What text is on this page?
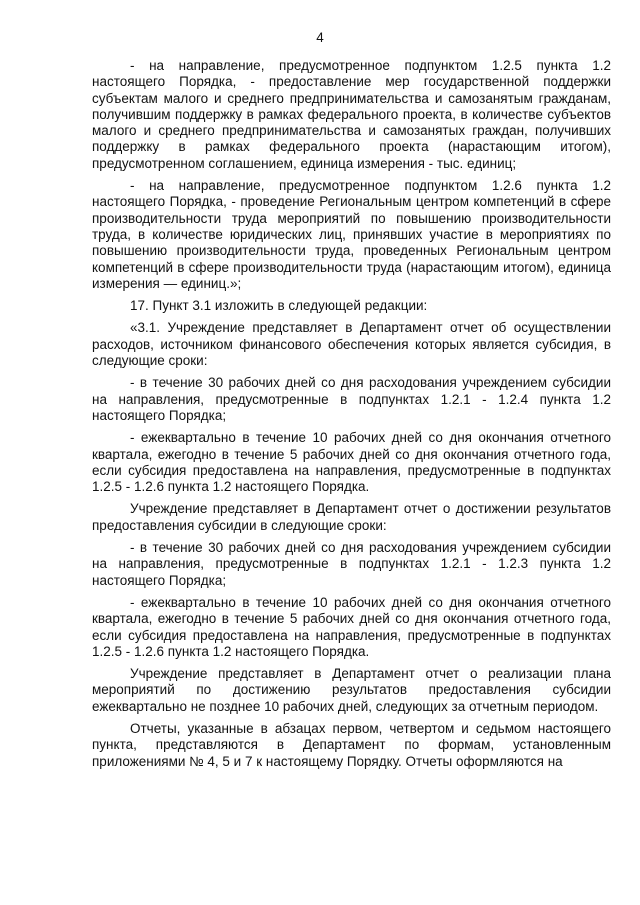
4

- на направление, предусмотренное подпунктом 1.2.5 пункта 1.2 настоящего Порядка, - предоставление мер государственной поддержки субъектам малого и среднего предпринимательства и самозанятым гражданам, получившим поддержку в рамках федерального проекта, в количестве субъектов малого и среднего предпринимательства и самозанятых граждан, получивших поддержку в рамках федерального проекта (нарастающим итогом), предусмотренном соглашением, единица измерения - тыс. единиц;

- на направление, предусмотренное подпунктом 1.2.6 пункта 1.2 настоящего Порядка, - проведение Региональным центром компетенций в сфере производительности труда мероприятий по повышению производительности труда, в количестве юридических лиц, принявших участие в мероприятиях по повышению производительности труда, проведенных Региональным центром компетенций в сфере производительности труда (нарастающим итогом), единица измерения — единиц.»;

17. Пункт 3.1 изложить в следующей редакции:

«3.1. Учреждение представляет в Департамент отчет об осуществлении расходов, источником финансового обеспечения которых является субсидия, в следующие сроки:

- в течение 30 рабочих дней со дня расходования учреждением субсидии на направления, предусмотренные в подпунктах 1.2.1 - 1.2.4 пункта 1.2 настоящего Порядка;

- ежеквартально в течение 10 рабочих дней со дня окончания отчетного квартала, ежегодно в течение 5 рабочих дней со дня окончания отчетного года, если субсидия предоставлена на направления, предусмотренные в подпунктах 1.2.5 - 1.2.6 пункта 1.2 настоящего Порядка.

Учреждение представляет в Департамент отчет о достижении результатов предоставления субсидии в следующие сроки:

- в течение 30 рабочих дней со дня расходования учреждением субсидии на направления, предусмотренные в подпунктах 1.2.1 - 1.2.3 пункта 1.2 настоящего Порядка;

- ежеквартально в течение 10 рабочих дней со дня окончания отчетного квартала, ежегодно в течение 5 рабочих дней со дня окончания отчетного года, если субсидия предоставлена на направления, предусмотренные в подпунктах 1.2.5 - 1.2.6 пункта 1.2 настоящего Порядка.

Учреждение представляет в Департамент отчет о реализации плана мероприятий по достижению результатов предоставления субсидии ежеквартально не позднее 10 рабочих дней, следующих за отчетным периодом.

Отчеты, указанные в абзацах первом, четвертом и седьмом настоящего пункта, представляются в Департамент по формам, установленным приложениями № 4, 5 и 7 к настоящему Порядку. Отчеты оформляются на
